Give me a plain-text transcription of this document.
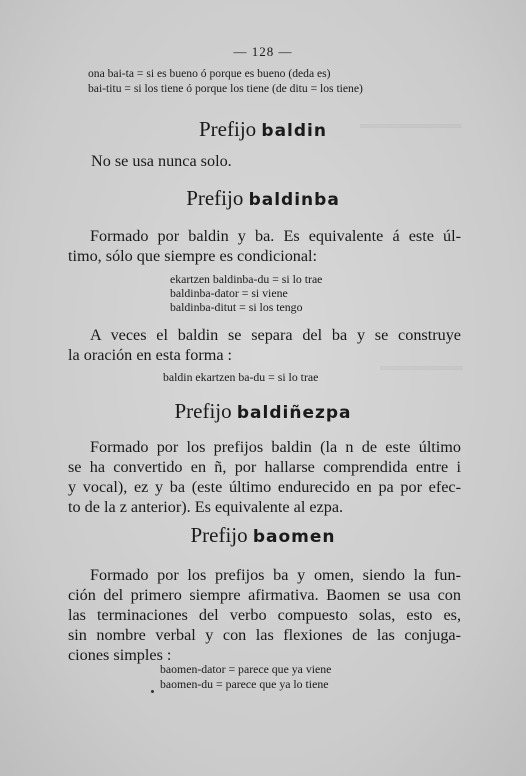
═══════════
═════════
— 128 —
ona bai-ta = si es bueno ó porque es bueno (deda es)
bai-titu = si los tiene ó porque los tiene (de ditu = los tiene)
Prefijo baldin
No se usa nunca solo.
Prefijo baldinba
Formado por baldin y ba. Es equivalente á este úl-
timo, sólo que siempre es condicional:
ekartzen baldinba-du = si lo trae
baldinba-dator = si viene
baldinba-ditut = si los tengo
A veces el baldin se separa del ba y se construye
la oración en esta forma :
baldin ekartzen ba-du = si lo trae
Prefijo baldiñezpa
Formado por los prefijos baldin (la n de este último
se ha convertido en ñ, por hallarse comprendida entre i
y vocal), ez y ba (este último endurecido en pa por efec-
to de la z anterior). Es equivalente al ezpa.
Prefijo baomen
Formado por los prefijos ba y omen, siendo la fun-
ción del primero siempre afirmativa. Baomen se usa con
las terminaciones del verbo compuesto solas, esto es,
sin nombre verbal y con las flexiones de las conjuga-
ciones simples :
baomen-dator = parece que ya viene
baomen-du = parece que ya lo tiene
